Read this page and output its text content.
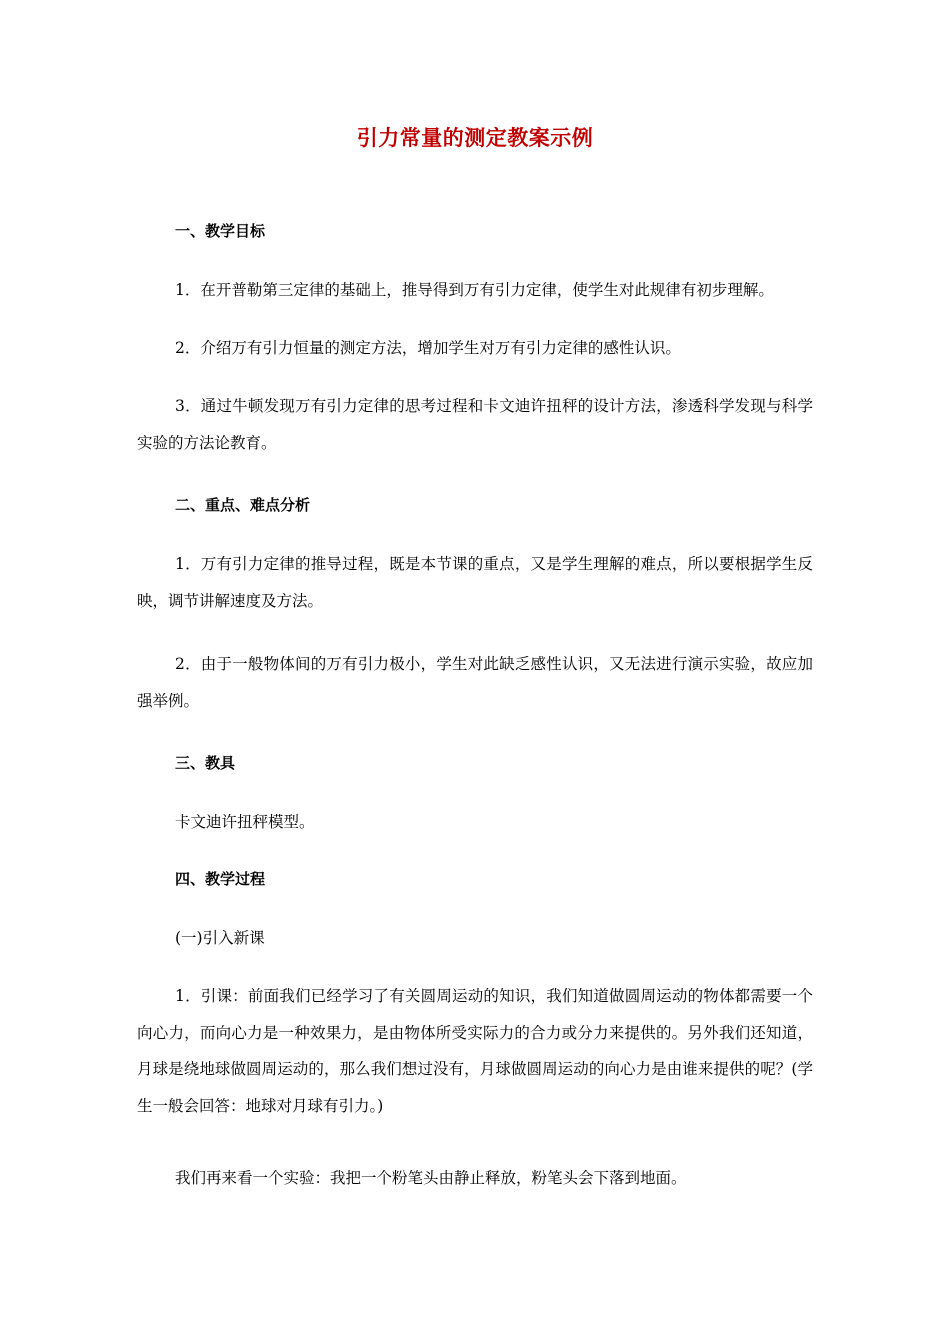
引力常量的测定教案示例
一、教学目标

1．在开普勒第三定律的基础上，推导得到万有引力定律，使学生对此规律有初步理解。

2．介绍万有引力恒量的测定方法，增加学生对万有引力定律的感性认识。

3．通过牛顿发现万有引力定律的思考过程和卡文迪许扭秤的设计方法，渗透科学发现与科学实验的方法论教育。

二、重点、难点分析

1．万有引力定律的推导过程，既是本节课的重点，又是学生理解的难点，所以要根据学生反映，调节讲解速度及方法。

2．由于一般物体间的万有引力极小，学生对此缺乏感性认识，又无法进行演示实验，故应加强举例。

三、教具

卡文迪许扭秤模型。

四、教学过程

(一)引入新课

1．引课：前面我们已经学习了有关圆周运动的知识，我们知道做圆周运动的物体都需要一个向心力，而向心力是一种效果力，是由物体所受实际力的合力或分力来提供的。另外我们还知道，月球是绕地球做圆周运动的，那么我们想过没有，月球做圆周运动的向心力是由谁来提供的呢？(学生一般会回答：地球对月球有引力。)

我们再来看一个实验：我把一个粉笔头由静止释放，粉笔头会下落到地面。
